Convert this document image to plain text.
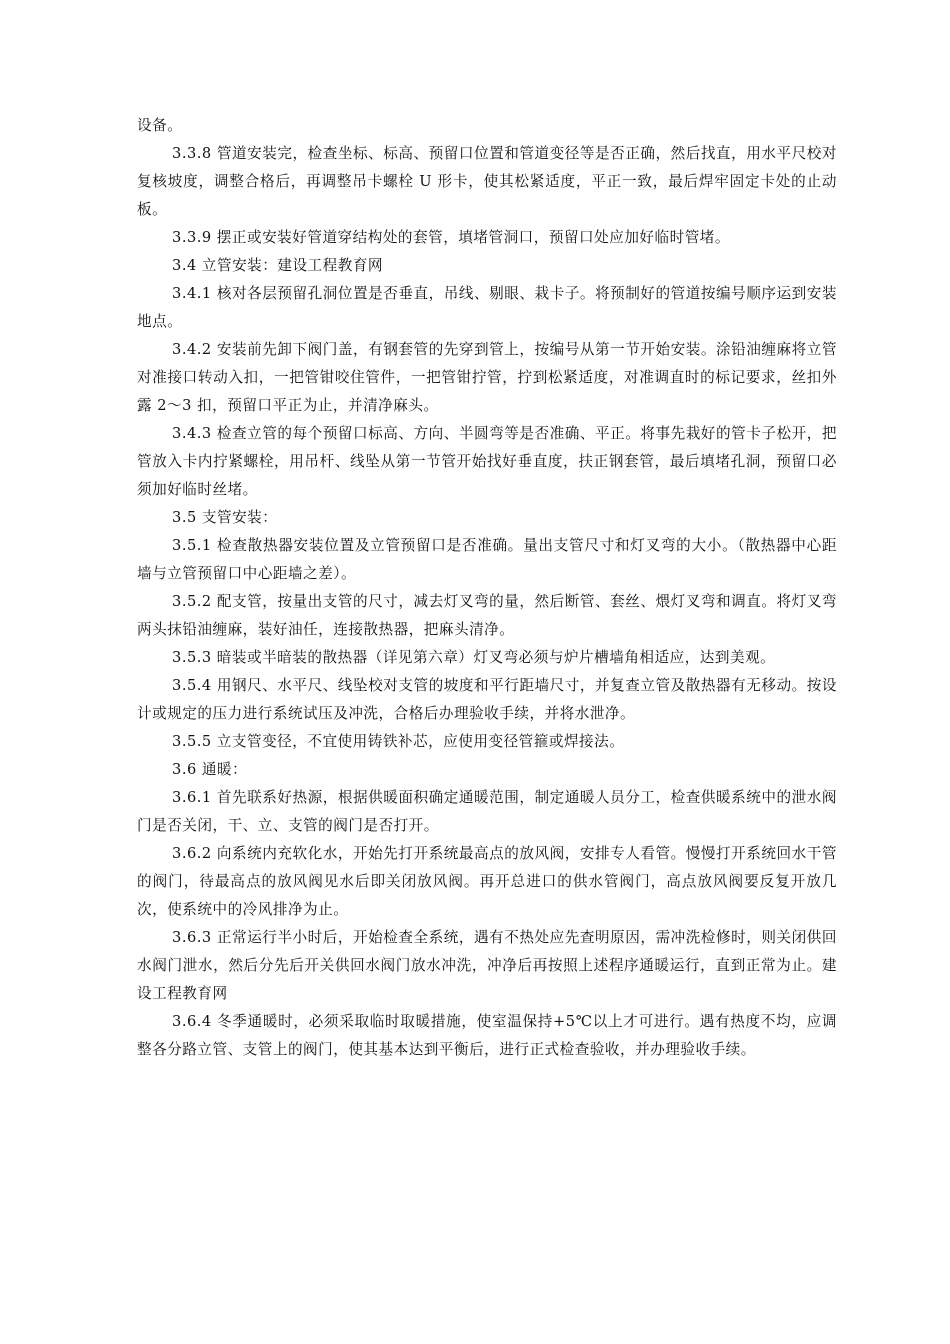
设备。

3.3.8 管道安装完，检查坐标、标高、预留口位置和管道变径等是否正确，然后找直，用水平尺校对复核坡度，调整合格后，再调整吊卡螺栓 U 形卡，使其松紧适度，平正一致，最后焊牢固定卡处的止动板。

3.3.9 摆正或安装好管道穿结构处的套管，填堵管洞口，预留口处应加好临时管堵。

3.4 立管安装：建设工程教育网

3.4.1 核对各层预留孔洞位置是否垂直，吊线、剔眼、栽卡子。将预制好的管道按编号顺序运到安装地点。

3.4.2 安装前先卸下阀门盖，有钢套管的先穿到管上，按编号从第一节开始安装。涂铅油缠麻将立管对准接口转动入扣，一把管钳咬住管件，一把管钳拧管，拧到松紧适度，对准调直时的标记要求，丝扣外露 2～3 扣，预留口平正为止，并清净麻头。

3.4.3 检查立管的每个预留口标高、方向、半圆弯等是否准确、平正。将事先栽好的管卡子松开，把管放入卡内拧紧螺栓，用吊杆、线坠从第一节管开始找好垂直度，扶正钢套管，最后填堵孔洞，预留口必须加好临时丝堵。

3.5 支管安装：

3.5.1 检查散热器安装位置及立管预留口是否准确。量出支管尺寸和灯叉弯的大小。（散热器中心距墙与立管预留口中心距墙之差）。

3.5.2 配支管，按量出支管的尺寸，减去灯叉弯的量，然后断管、套丝、煨灯叉弯和调直。将灯叉弯两头抹铅油缠麻，装好油任，连接散热器，把麻头清净。

3.5.3 暗装或半暗装的散热器（详见第六章）灯叉弯必须与炉片槽墙角相适应，达到美观。

3.5.4 用钢尺、水平尺、线坠校对支管的坡度和平行距墙尺寸，并复查立管及散热器有无移动。按设计或规定的压力进行系统试压及冲洗，合格后办理验收手续，并将水泄净。

3.5.5 立支管变径，不宜使用铸铁补芯，应使用变径管箍或焊接法。

3.6 通暖：

3.6.1 首先联系好热源，根据供暖面积确定通暖范围，制定通暖人员分工，检查供暖系统中的泄水阀门是否关闭，干、立、支管的阀门是否打开。

3.6.2 向系统内充软化水，开始先打开系统最高点的放风阀，安排专人看管。慢慢打开系统回水干管的阀门，待最高点的放风阀见水后即关闭放风阀。再开总进口的供水管阀门，高点放风阀要反复开放几次，使系统中的冷风排净为止。

3.6.3 正常运行半小时后，开始检查全系统，遇有不热处应先查明原因，需冲洗检修时，则关闭供回水阀门泄水，然后分先后开关供回水阀门放水冲洗，冲净后再按照上述程序通暖运行，直到正常为止。建设工程教育网

3.6.4 冬季通暖时，必须采取临时取暖措施，使室温保持+5℃以上才可进行。遇有热度不均，应调整各分路立管、支管上的阀门，使其基本达到平衡后，进行正式检查验收，并办理验收手续。
